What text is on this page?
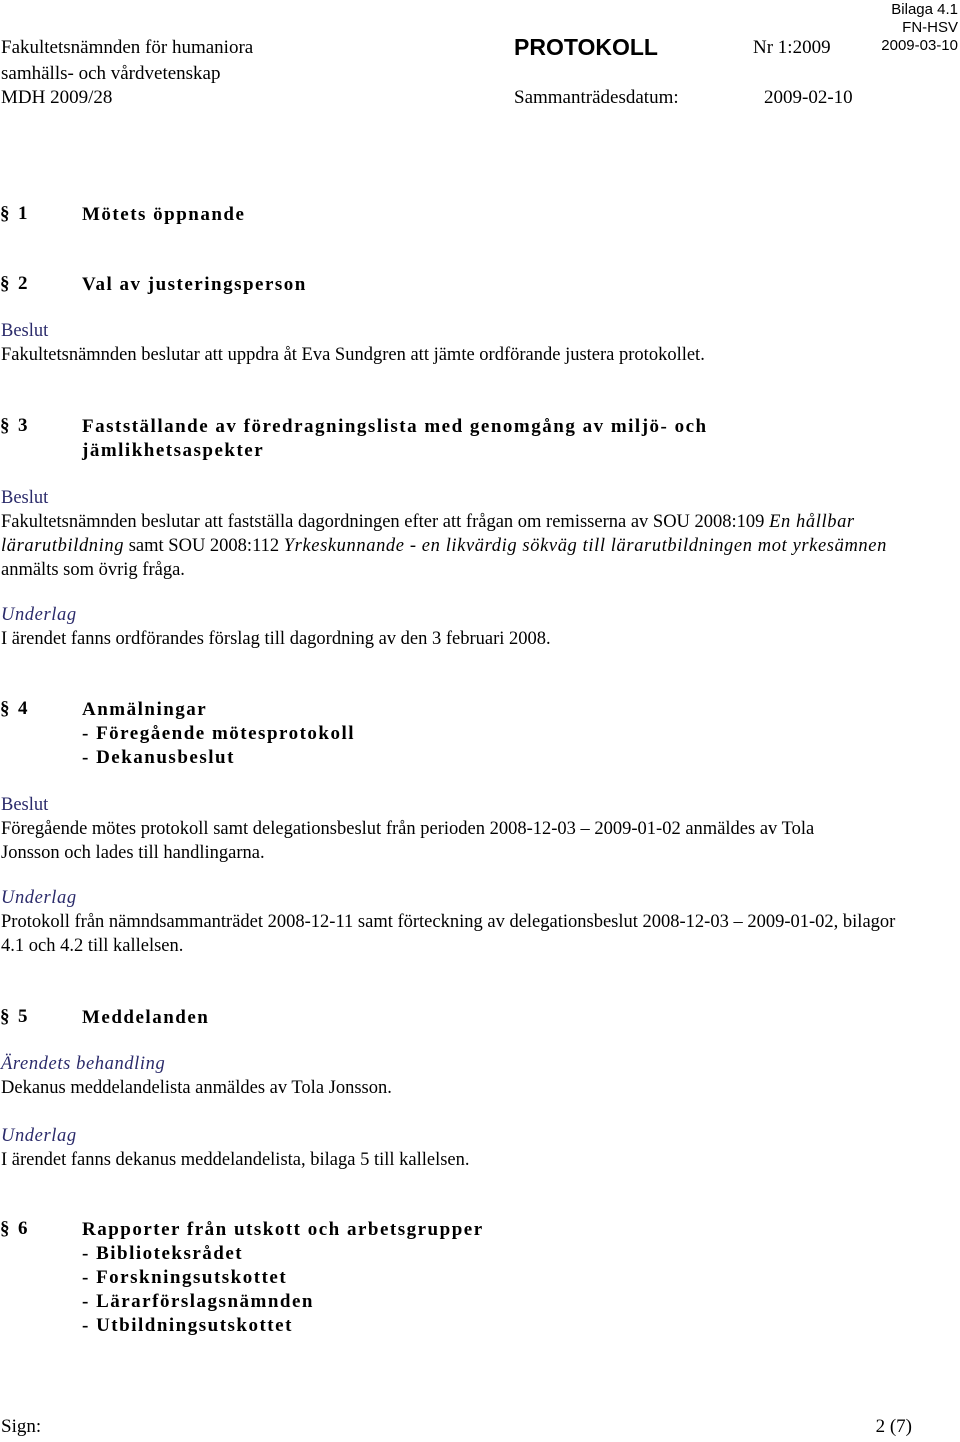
Fakultetsnämnden för humaniora
samhälls- och vårdvetenskap
MDH 2009/28
PROTOKOLL	Nr 1:2009
Sammanträdesdatum:	2009-02-10
Bilaga 4.1
FN-HSV
2009-03-10
§ 1	Mötets öppnande
§ 2	Val av justeringsperson
Beslut
Fakultetsnämnden beslutar att uppdra åt Eva Sundgren att jämte ordförande justera protokollet.
§ 3	Fastställande av föredragningslista med genomgång av miljö- och
jämlikhetsaspekter
Beslut
Fakultetsnämnden beslutar att fastställa dagordningen efter att frågan om remisserna av SOU 2008:109 En hållbar lärarutbildning samt SOU 2008:112 Yrkeskunnande - en likvärdig sökväg till lärarutbildningen mot yrkesämnen anmälts som övrig fråga.
Underlag
I ärendet fanns ordförandes förslag till dagordning av den 3 februari 2008.
§ 4	Anmälningar
- Föregående mötesprotokoll
- Dekanusbeslut
Beslut
Föregående mötes protokoll samt delegationsbeslut från perioden 2008-12-03 – 2009-01-02 anmäldes av Tola Jonsson och lades till handlingarna.
Underlag
Protokoll från nämndsammanträdet 2008-12-11 samt förteckning av delegationsbeslut 2008-12-03 – 2009-01-02, bilagor 4.1 och 4.2 till kallelsen.
§ 5	Meddelanden
Ärendets behandling
Dekanus meddelandelista anmäldes av Tola Jonsson.
Underlag
I ärendet fanns dekanus meddelandelista, bilaga 5 till kallelsen.
§ 6	Rapporter från utskott och arbetsgrupper
- Biblioteksrådet
- Forskningsutskottet
- Lärarförslagsnämnden
- Utbildningsutskottet
Sign:	2 (7)
